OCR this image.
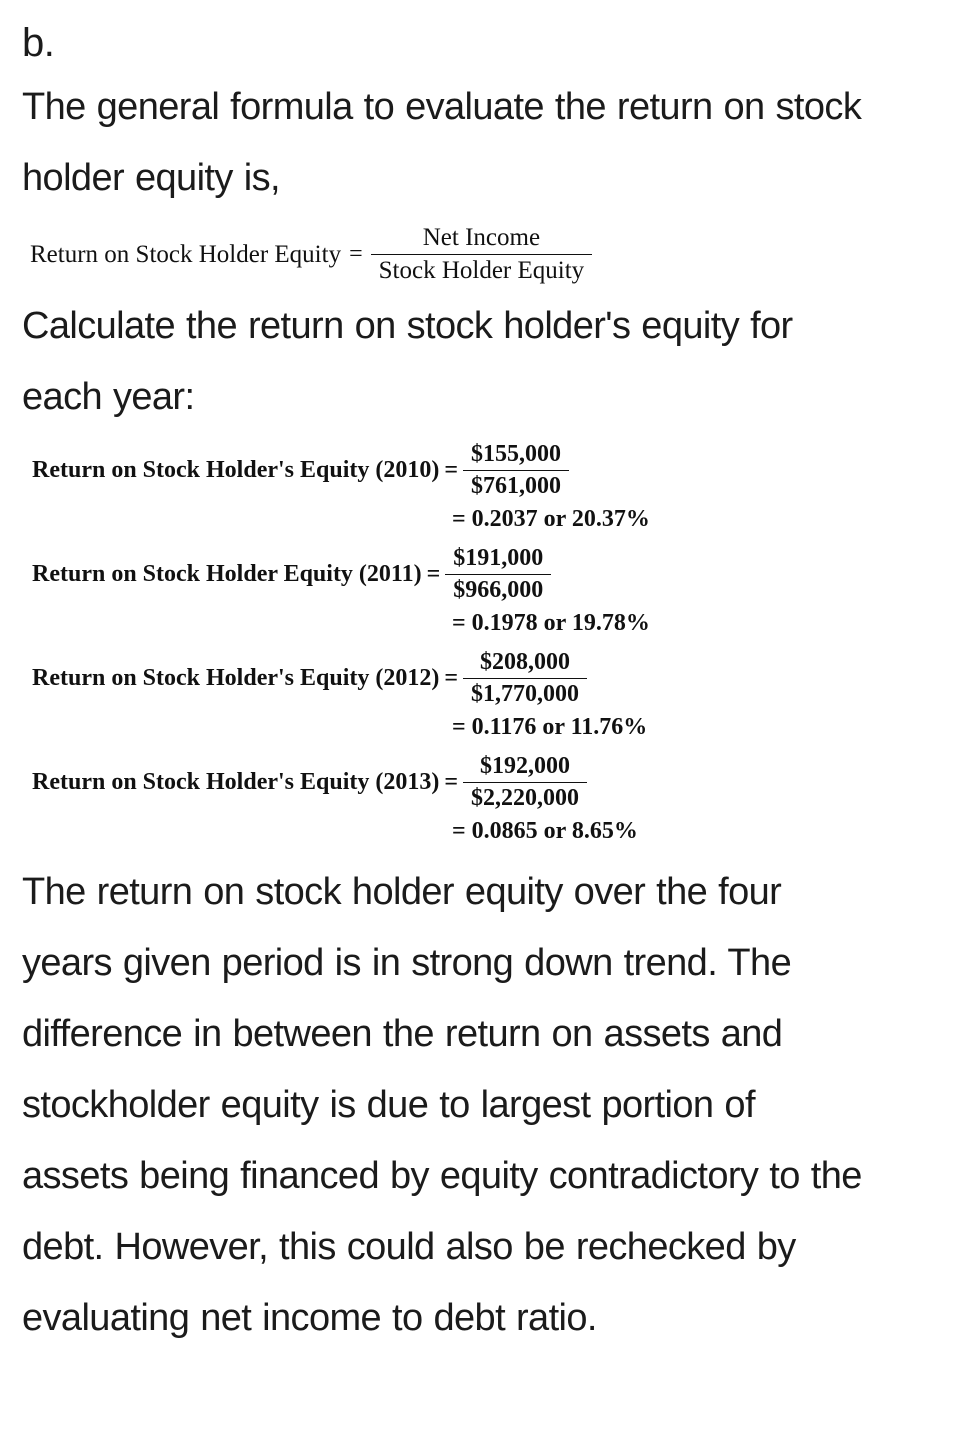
b.
The general formula to evaluate the return on stock
holder equity is,
Return on Stock Holder Equity = $\frac{\text{Net Income}}{\text{Stock Holder Equity}}$
Calculate the return on stock holder's equity for
each year:
Return on Stock Holder's Equity $(2010) = \frac{\$155,000}{\$761,000}$
= 0.2037 or 20.37%
Return on Stock Holder Equity $(2011) = \frac{\$191,000}{\$966,000}$
= 0.1978 or 19.78%
Return on Stock Holder's Equity $(2012) = \frac{\$208,000}{\$1,770,000}$
= 0.1176 or 11.76%
Return on Stock Holder's Equity $(2013) = \frac{\$192,000}{\$2,220,000}$
= 0.0865 or 8.65%
The return on stock holder equity over the four
years given period is in strong down trend. The
difference in between the return on assets and
stockholder equity is due to largest portion of
assets being financed by equity contradictory to the
debt. However, this could also be rechecked by
evaluating net income to debt ratio.
